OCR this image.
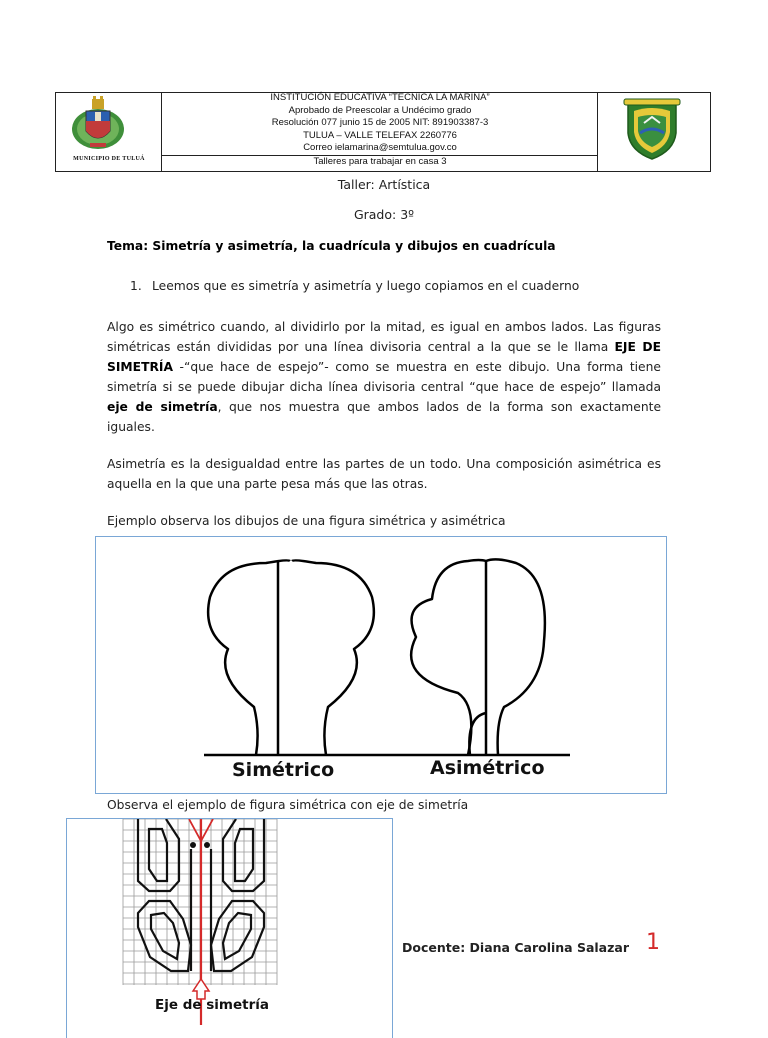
MUNICIPIO DE TULUÁ
INSTITUCIÓN EDUCATIVA “TECNICA LA MARINA”
Aprobado de Preescolar a Undécimo grado
Resolución 077 junio 15 de 2005 NIT: 891903387-3
TULUA – VALLE TELEFAX 2260776
Correo ielamarina@semtulua.gov.co
Talleres para trabajar en casa 3
Taller: Artística
Grado: 3º
Tema: Simetría y asimetría, la cuadrícula y dibujos en cuadrícula
1. Leemos que es simetría y asimetría y luego copiamos en el cuaderno
Algo es simétrico cuando, al dividirlo por la mitad, es igual en ambos lados. Las figuras simétricas están divididas por una línea divisoria central a la que se le llama EJE DE SIMETRÍA -“que hace de espejo”- como se muestra en este dibujo. Una forma tiene simetría si se puede dibujar dicha línea divisoria central “que hace de espejo” llamada eje de simetría, que nos muestra que ambos lados de la forma son exactamente iguales.
Asimetría es la desigualdad entre las partes de un todo. Una composición asimétrica es aquella en la que una parte pesa más que las otras.
Ejemplo observa los dibujos de una figura simétrica y asimétrica
Simétrico	Asimétrico
Observa el ejemplo de figura simétrica con eje de simetría
Eje de simetría
Docente: Diana Carolina Salazar 1
